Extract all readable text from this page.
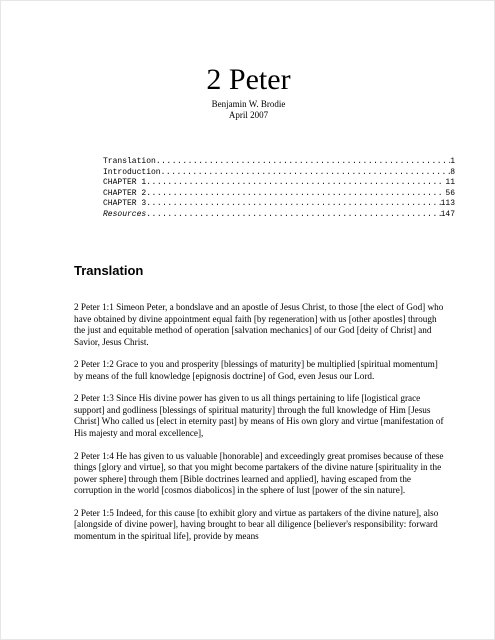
2 Peter
Benjamin W. Brodie
April 2007
Translation .....	1
Introduction .....	8
CHAPTER 1 .....	11
CHAPTER 2 .....	56
CHAPTER 3 .....	113
Resources .....	147
Translation

2 Peter 1:1 Simeon Peter, a bondslave and an apostle of Jesus Christ, to those [the elect of God] who have obtained by divine appointment equal faith [by regeneration] with us [other apostles] through the just and equitable method of operation [salvation mechanics] of our God [deity of Christ] and Savior, Jesus Christ.

2 Peter 1:2 Grace to you and prosperity [blessings of maturity] be multiplied [spiritual momentum] by means of the full knowledge [epignosis doctrine] of God, even Jesus our Lord.

2 Peter 1:3 Since His divine power has given to us all things pertaining to life [logistical grace support] and godliness [blessings of spiritual maturity] through the full knowledge of Him [Jesus Christ] Who called us [elect in eternity past] by means of His own glory and virtue [manifestation of His majesty and moral excellence],

2 Peter 1:4 He has given to us valuable [honorable] and exceedingly great promises because of these things [glory and virtue], so that you might become partakers of the divine nature [spirituality in the power sphere] through them [Bible doctrines learned and applied], having escaped from the corruption in the world [cosmos diabolicos] in the sphere of lust [power of the sin nature].

2 Peter 1:5 Indeed, for this cause [to exhibit glory and virtue as partakers of the divine nature], also [alongside of divine power], having brought to bear all diligence [believer's responsibility: forward momentum in the spiritual life], provide by means
